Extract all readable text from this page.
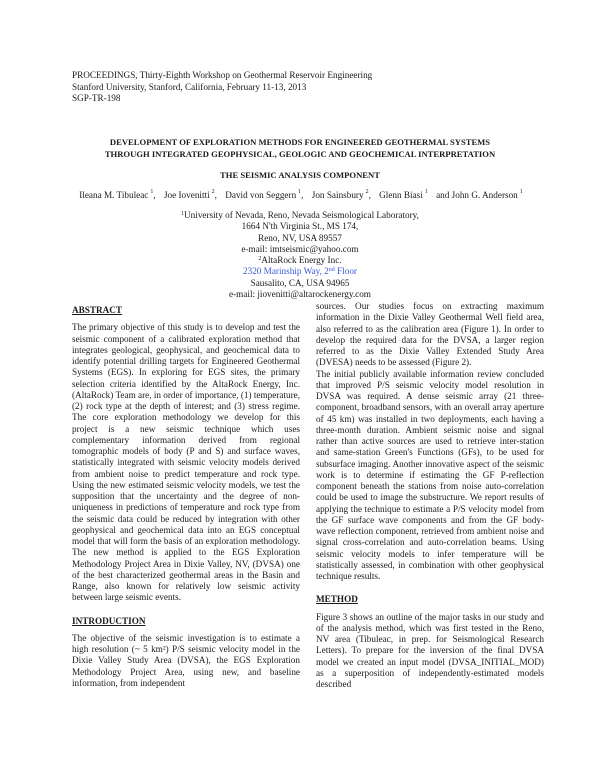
PROCEEDINGS, Thirty-Eighth Workshop on Geothermal Reservoir Engineering
Stanford University, Stanford, California, February 11-13, 2013
SGP-TR-198
DEVELOPMENT OF EXPLORATION METHODS FOR ENGINEERED GEOTHERMAL SYSTEMS
THROUGH INTEGRATED GEOPHYSICAL, GEOLOGIC AND GEOCHEMICAL INTERPRETATION
THE SEISMIC ANALYSIS COMPONENT
Ileana M. Tibuleac $^1$, Joe Iovenitti $^2$, David von Seggern $^1$, Jon Sainsbury $^2$, Glenn Biasi $^1$ and John G. Anderson $^1$
$^1$University of Nevada, Reno, Nevada Seismological Laboratory,
1664 N'th Virginia St., MS 174,
Reno, NV, USA 89557
e-mail: imtseismic@yahoo.com
$^2$AltaRock Energy Inc.
2320 Marinship Way, 2nd Floor
Sausalito, CA, USA 94965
e-mail: jiovenitti@altarockenergy.com
ABSTRACT

The primary objective of this study is to develop and test the seismic component of a calibrated exploration method that integrates geological, geophysical, and geochemical data to identify potential drilling targets for Engineered Geothermal Systems (EGS). In exploring for EGS sites, the primary selection criteria identified by the AltaRock Energy, Inc. (AltaRock) Team are, in order of importance, (1) temperature, (2) rock type at the depth of interest; and (3) stress regime. The core exploration methodology we develop for this project is a new seismic technique which uses complementary information derived from regional tomographic models of body (P and S) and surface waves, statistically integrated with seismic velocity models derived from ambient noise to predict temperature and rock type. Using the new estimated seismic velocity models, we test the supposition that the uncertainty and the degree of non-uniqueness in predictions of temperature and rock type from the seismic data could be reduced by integration with other geophysical and geochemical data into an EGS conceptual model that will form the basis of an exploration methodology. The new method is applied to the EGS Exploration Methodology Project Area in Dixie Valley, NV, (DVSA) one of the best characterized geothermal areas in the Basin and Range, also known for relatively low seismic activity between large seismic events.

INTRODUCTION

The objective of the seismic investigation is to estimate a high resolution (~ 5 km²) P/S seismic velocity model in the Dixie Valley Study Area (DVSA), the EGS Exploration Methodology Project Area, using new, and baseline information, from independent

sources. Our studies focus on extracting maximum information in the Dixie Valley Geothermal Well field area, also referred to as the calibration area (Figure 1). In order to develop the required data for the DVSA, a larger region referred to as the Dixie Valley Extended Study Area (DVESA) needs to be assessed (Figure 2).

The initial publicly available information review concluded that improved P/S seismic velocity model resolution in DVSA was required. A dense seismic array (21 three-component, broadband sensors, with an overall array aperture of 45 km) was installed in two deployments, each having a three-month duration. Ambient seismic noise and signal rather than active sources are used to retrieve inter-station and same-station Green's Functions (GFs), to be used for subsurface imaging. Another innovative aspect of the seismic work is to determine if estimating the GF P-reflection component beneath the stations from noise auto-correlation could be used to image the substructure. We report results of applying the technique to estimate a P/S velocity model from the GF surface wave components and from the GF body-wave reflection component, retrieved from ambient noise and signal cross-correlation and auto-correlation beams. Using seismic velocity models to infer temperature will be statistically assessed, in combination with other geophysical technique results.

METHOD

Figure 3 shows an outline of the major tasks in our study and of the analysis method, which was first tested in the Reno, NV area (Tibuleac, in prep. for Seismological Research Letters). To prepare for the inversion of the final DVSA model we created an input model (DVSA_INITIAL_MOD) as a superposition of independently-estimated models described
